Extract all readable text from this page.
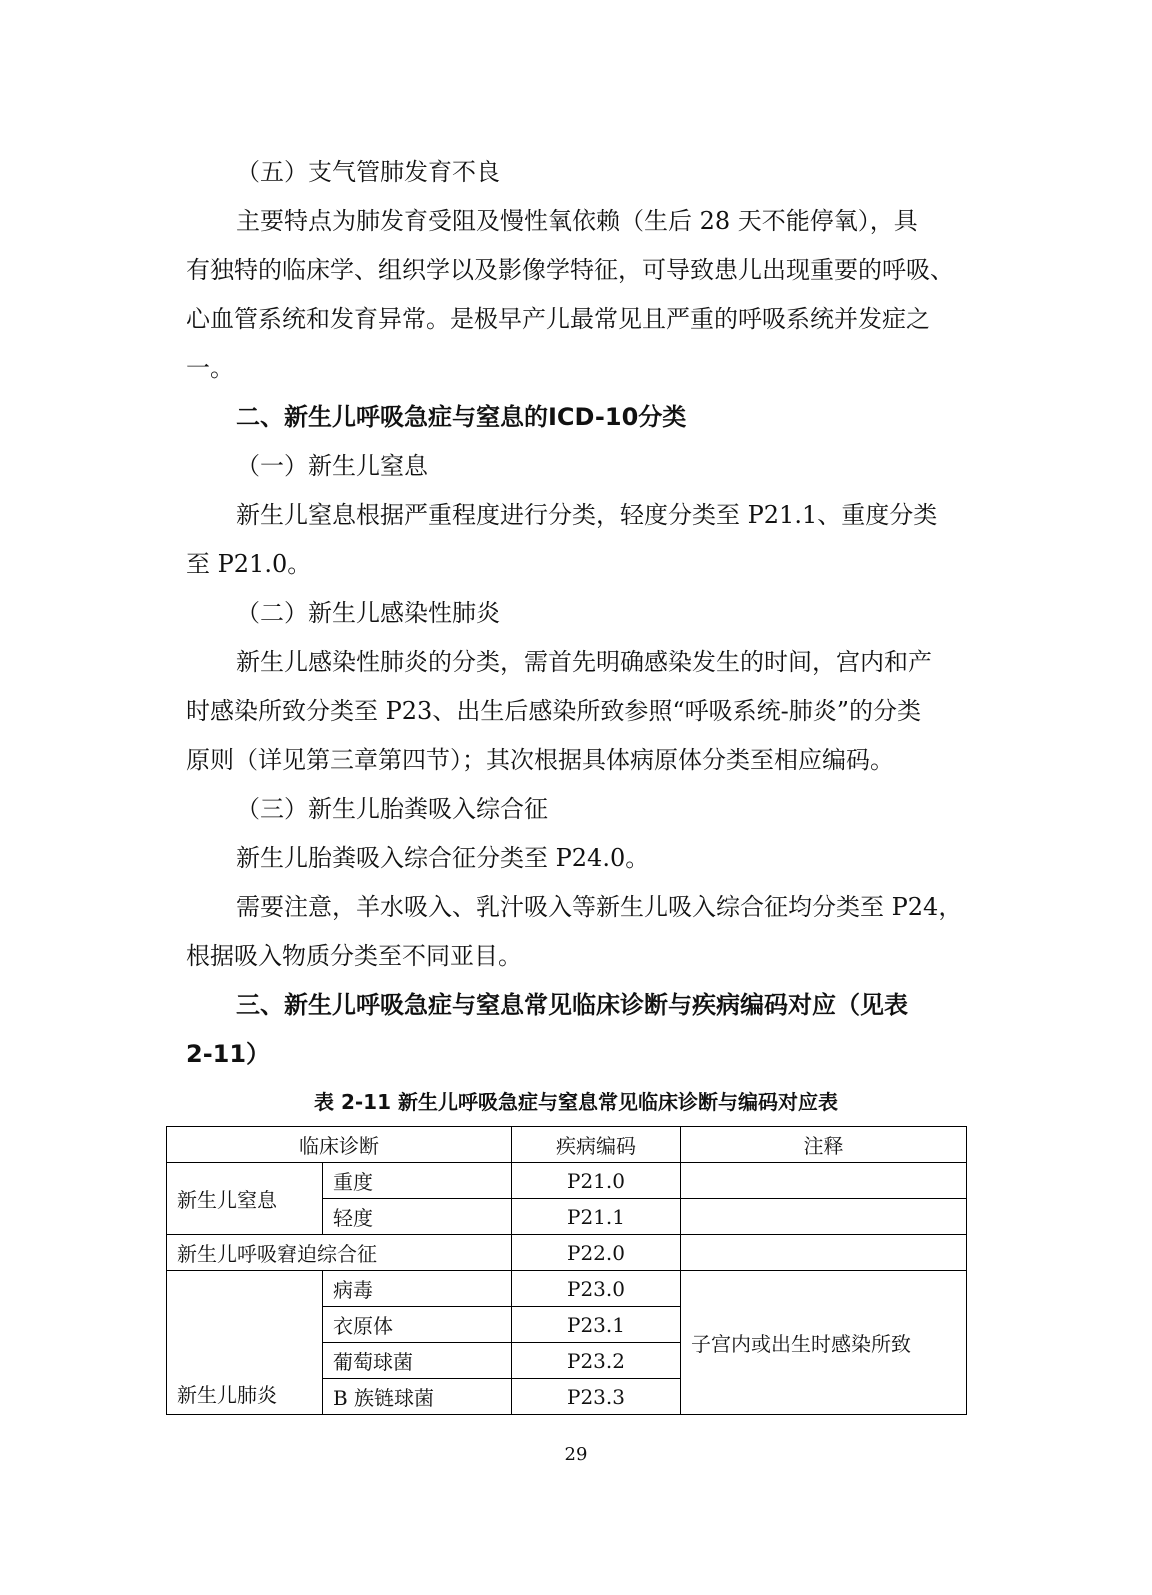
（五）支气管肺发育不良
主要特点为肺发育受阻及慢性氧依赖（生后 28 天不能停氧），具
有独特的临床学、组织学以及影像学特征，可导致患儿出现重要的呼吸、
心血管系统和发育异常。是极早产儿最常见且严重的呼吸系统并发症之
一。
二、新生儿呼吸急症与窒息的ICD-10分类
（一）新生儿窒息
新生儿窒息根据严重程度进行分类，轻度分类至 P21.1、重度分类
至 P21.0。
（二）新生儿感染性肺炎
新生儿感染性肺炎的分类，需首先明确感染发生的时间，宫内和产
时感染所致分类至 P23、出生后感染所致参照“呼吸系统-肺炎”的分类
原则（详见第三章第四节）；其次根据具体病原体分类至相应编码。
（三）新生儿胎粪吸入综合征
新生儿胎粪吸入综合征分类至 P24.0。
需要注意，羊水吸入、乳汁吸入等新生儿吸入综合征均分类至 P24，
根据吸入物质分类至不同亚目。
三、新生儿呼吸急症与窒息常见临床诊断与疾病编码对应（见表
2-11）
表 2-11 新生儿呼吸急症与窒息常见临床诊断与编码对应表
临床诊断		疾病编码	注释
新生儿窒息	重度	P21.0	
	轻度	P21.1	
新生儿呼吸窘迫综合征		P22.0	
新生儿肺炎	病毒	P23.0	子宫内或出生时感染所致
	衣原体	P23.1	
	葡萄球菌	P23.2	
	B 族链球菌	P23.3	
29
